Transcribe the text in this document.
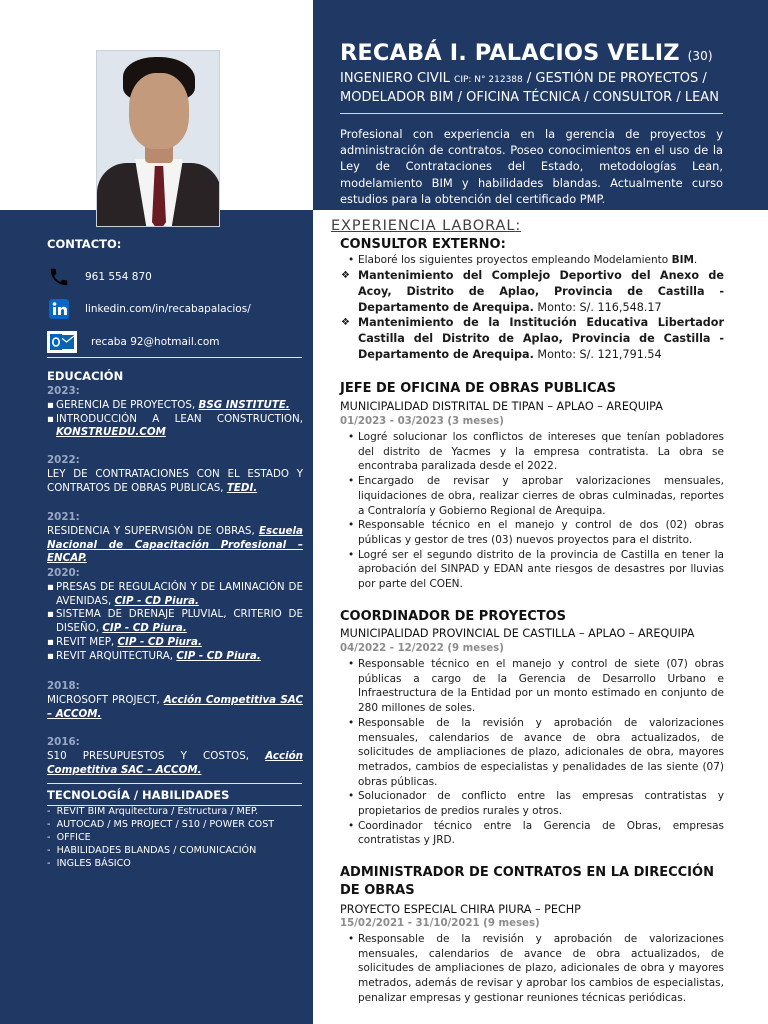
RECABÁ I. PALACIOS VELIZ (30)
INGENIERO CIVIL CIP: N° 212388 / GESTIÓN DE PROYECTOS /
MODELADOR BIM / OFICINA TÉCNICA / CONSULTOR / LEAN
Profesional con experiencia en la gerencia de proyectos y administración de contratos. Poseo conocimientos en el uso de la Ley de Contrataciones del Estado, metodologías Lean, modelamiento BIM y habilidades blandas. Actualmente curso estudios para la obtención del certificado PMP.
CONTACTO:
961 554 870
linkedin.com/in/recabapalacios/
recaba 92@hotmail.com
EDUCACIÓN
2023:
▪ GERENCIA DE PROYECTOS, BSG INSTITUTE.
▪ INTRODUCCIÓN A LEAN CONSTRUCTION, KONSTRUEDU.COM
2022:
LEY DE CONTRATACIONES CON EL ESTADO Y CONTRATOS DE OBRAS PUBLICAS, TEDI.
2021:
RESIDENCIA Y SUPERVISIÓN DE OBRAS, Escuela Nacional de Capacitación Profesional – ENCAP.
2020:
▪ PRESAS DE REGULACIÓN Y DE LAMINACIÓN DE AVENIDAS, CIP - CD Piura.
▪ SISTEMA DE DRENAJE PLUVIAL, CRITERIO DE DISEÑO, CIP - CD Piura.
▪ REVIT MEP, CIP - CD Piura.
▪ REVIT ARQUITECTURA, CIP - CD Piura.
2018:
MICROSOFT PROJECT, Acción Competitiva SAC – ACCOM.
2016:
S10 PRESUPUESTOS Y COSTOS, Acción Competitiva SAC – ACCOM.
TECNOLOGÍA / HABILIDADES
- REVIT BIM Arquitectura / Estructura / MEP.
- AUTOCAD / MS PROJECT / S10 / POWER COST
- OFFICE
- HABILIDADES BLANDAS / COMUNICACIÓN
- INGLES BÁSICO
EXPERIENCIA LABORAL:
CONSULTOR EXTERNO:
• Elaboré los siguientes proyectos empleando Modelamiento BIM.
❖ Mantenimiento del Complejo Deportivo del Anexo de Acoy, Distrito de Aplao, Provincia de Castilla - Departamento de Arequipa. Monto: S/. 116,548.17
❖ Mantenimiento de la Institución Educativa Libertador Castilla del Distrito de Aplao, Provincia de Castilla - Departamento de Arequipa. Monto: S/. 121,791.54
JEFE DE OFICINA DE OBRAS PUBLICAS
MUNICIPALIDAD DISTRITAL DE TIPAN – APLAO – AREQUIPA
01/2023 - 03/2023 (3 meses)
• Logré solucionar los conflictos de intereses que tenían pobladores del distrito de Yacmes y la empresa contratista. La obra se encontraba paralizada desde el 2022.
• Encargado de revisar y aprobar valorizaciones mensuales, liquidaciones de obra, realizar cierres de obras culminadas, reportes a Contraloría y Gobierno Regional de Arequipa.
• Responsable técnico en el manejo y control de dos (02) obras públicas y gestor de tres (03) nuevos proyectos para el distrito.
• Logré ser el segundo distrito de la provincia de Castilla en tener la aprobación del SINPAD y EDAN ante riesgos de desastres por lluvias por parte del COEN.
COORDINADOR DE PROYECTOS
MUNICIPALIDAD PROVINCIAL DE CASTILLA – APLAO – AREQUIPA
04/2022 - 12/2022 (9 meses)
• Responsable técnico en el manejo y control de siete (07) obras públicas a cargo de la Gerencia de Desarrollo Urbano e Infraestructura de la Entidad por un monto estimado en conjunto de 280 millones de soles.
• Responsable de la revisión y aprobación de valorizaciones mensuales, calendarios de avance de obra actualizados, de solicitudes de ampliaciones de plazo, adicionales de obra, mayores metrados, cambios de especialistas y penalidades de las siente (07) obras públicas.
• Solucionador de conflicto entre las empresas contratistas y propietarios de predios rurales y otros.
• Coordinador técnico entre la Gerencia de Obras, empresas contratistas y JRD.
ADMINISTRADOR DE CONTRATOS EN LA DIRECCIÓN DE OBRAS
PROYECTO ESPECIAL CHIRA PIURA – PECHP
15/02/2021 - 31/10/2021 (9 meses)
• Responsable de la revisión y aprobación de valorizaciones mensuales, calendarios de avance de obra actualizados, de solicitudes de ampliaciones de plazo, adicionales de obra y mayores metrados, además de revisar y aprobar los cambios de especialistas, penalizar empresas y gestionar reuniones técnicas periódicas.
